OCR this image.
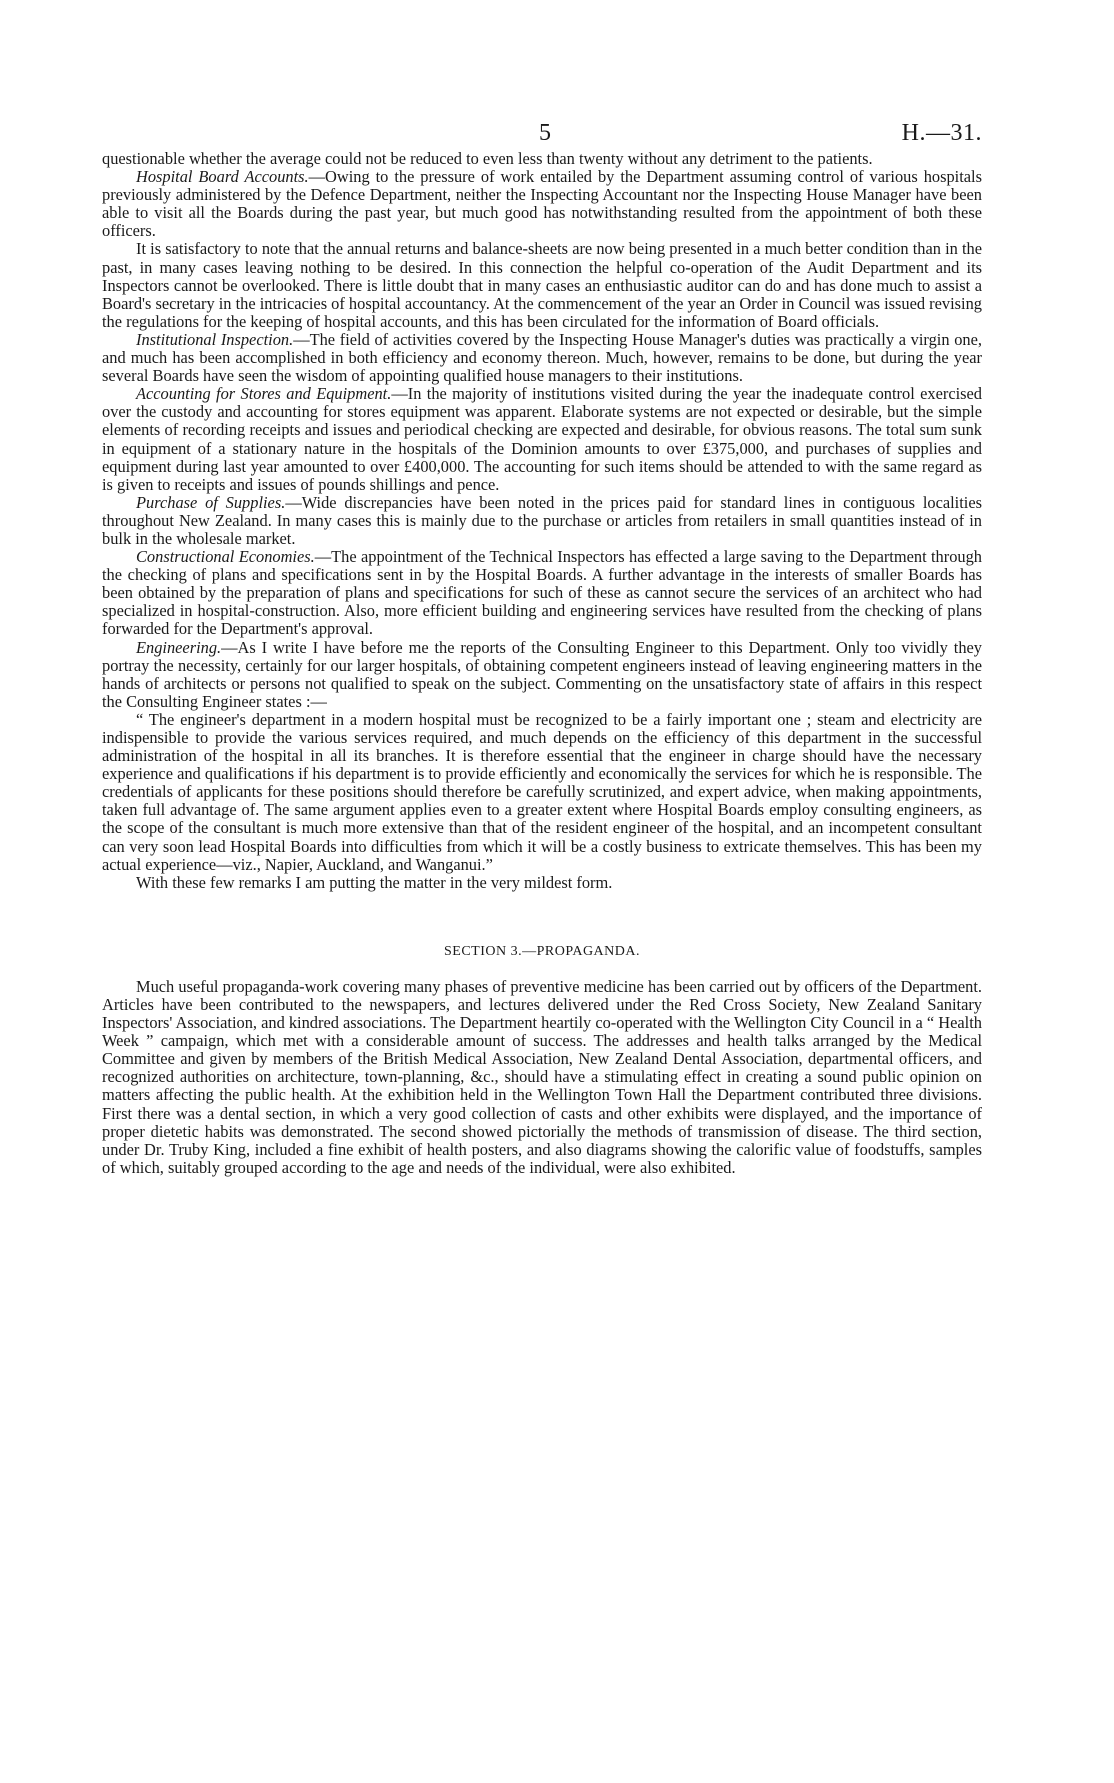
5	H.—31.

questionable whether the average could not be reduced to even less than twenty without any detriment to the patients.

Hospital Board Accounts.—Owing to the pressure of work entailed by the Department assuming control of various hospitals previously administered by the Defence Department, neither the Inspecting Accountant nor the Inspecting House Manager have been able to visit all the Boards during the past year, but much good has notwithstanding resulted from the appointment of both these officers.

It is satisfactory to note that the annual returns and balance-sheets are now being presented in a much better condition than in the past, in many cases leaving nothing to be desired. In this connection the helpful co-operation of the Audit Department and its Inspectors cannot be overlooked. There is little doubt that in many cases an enthusiastic auditor can do and has done much to assist a Board's secretary in the intricacies of hospital accountancy. At the commencement of the year an Order in Council was issued revising the regulations for the keeping of hospital accounts, and this has been circulated for the information of Board officials.

Institutional Inspection.—The field of activities covered by the Inspecting House Manager's duties was practically a virgin one, and much has been accomplished in both efficiency and economy thereon. Much, however, remains to be done, but during the year several Boards have seen the wisdom of appointing qualified house managers to their institutions.

Accounting for Stores and Equipment.—In the majority of institutions visited during the year the inadequate control exercised over the custody and accounting for stores equipment was apparent. Elaborate systems are not expected or desirable, but the simple elements of recording receipts and issues and periodical checking are expected and desirable, for obvious reasons. The total sum sunk in equipment of a stationary nature in the hospitals of the Dominion amounts to over £375,000, and purchases of supplies and equipment during last year amounted to over £400,000. The accounting for such items should be attended to with the same regard as is given to receipts and issues of pounds shillings and pence.

Purchase of Supplies.—Wide discrepancies have been noted in the prices paid for standard lines in contiguous localities throughout New Zealand. In many cases this is mainly due to the purchase or articles from retailers in small quantities instead of in bulk in the wholesale market.

Constructional Economies.—The appointment of the Technical Inspectors has effected a large saving to the Department through the checking of plans and specifications sent in by the Hospital Boards. A further advantage in the interests of smaller Boards has been obtained by the preparation of plans and specifications for such of these as cannot secure the services of an architect who had specialized in hospital-construction. Also, more efficient building and engineering services have resulted from the checking of plans forwarded for the Department's approval.

Engineering.—As I write I have before me the reports of the Consulting Engineer to this Department. Only too vividly they portray the necessity, certainly for our larger hospitals, of obtaining competent engineers instead of leaving engineering matters in the hands of architects or persons not qualified to speak on the subject. Commenting on the unsatisfactory state of affairs in this respect the Consulting Engineer states :—

“ The engineer's department in a modern hospital must be recognized to be a fairly important one ; steam and electricity are indispensible to provide the various services required, and much depends on the efficiency of this department in the successful administration of the hospital in all its branches. It is therefore essential that the engineer in charge should have the necessary experience and qualifications if his department is to provide efficiently and economically the services for which he is responsible. The credentials of applicants for these positions should therefore be carefully scrutinized, and expert advice, when making appointments, taken full advantage of. The same argument applies even to a greater extent where Hospital Boards employ consulting engineers, as the scope of the consultant is much more extensive than that of the resident engineer of the hospital, and an incompetent consultant can very soon lead Hospital Boards into difficulties from which it will be a costly business to extricate themselves. This has been my actual experience—viz., Napier, Auckland, and Wanganui.”

With these few remarks I am putting the matter in the very mildest form.

SECTION 3.—PROPAGANDA.

Much useful propaganda-work covering many phases of preventive medicine has been carried out by officers of the Department. Articles have been contributed to the newspapers, and lectures delivered under the Red Cross Society, New Zealand Sanitary Inspectors' Association, and kindred associations. The Department heartily co-operated with the Wellington City Council in a “ Health Week ” campaign, which met with a considerable amount of success. The addresses and health talks arranged by the Medical Committee and given by members of the British Medical Association, New Zealand Dental Association, departmental officers, and recognized authorities on architecture, town-planning, &c., should have a stimulating effect in creating a sound public opinion on matters affecting the public health. At the exhibition held in the Wellington Town Hall the Department contributed three divisions. First there was a dental section, in which a very good collection of casts and other exhibits were displayed, and the importance of proper dietetic habits was demonstrated. The second showed pictorially the methods of transmission of disease. The third section, under Dr. Truby King, included a fine exhibit of health posters, and also diagrams showing the calorific value of foodstuffs, samples of which, suitably grouped according to the age and needs of the individual, were also exhibited.
